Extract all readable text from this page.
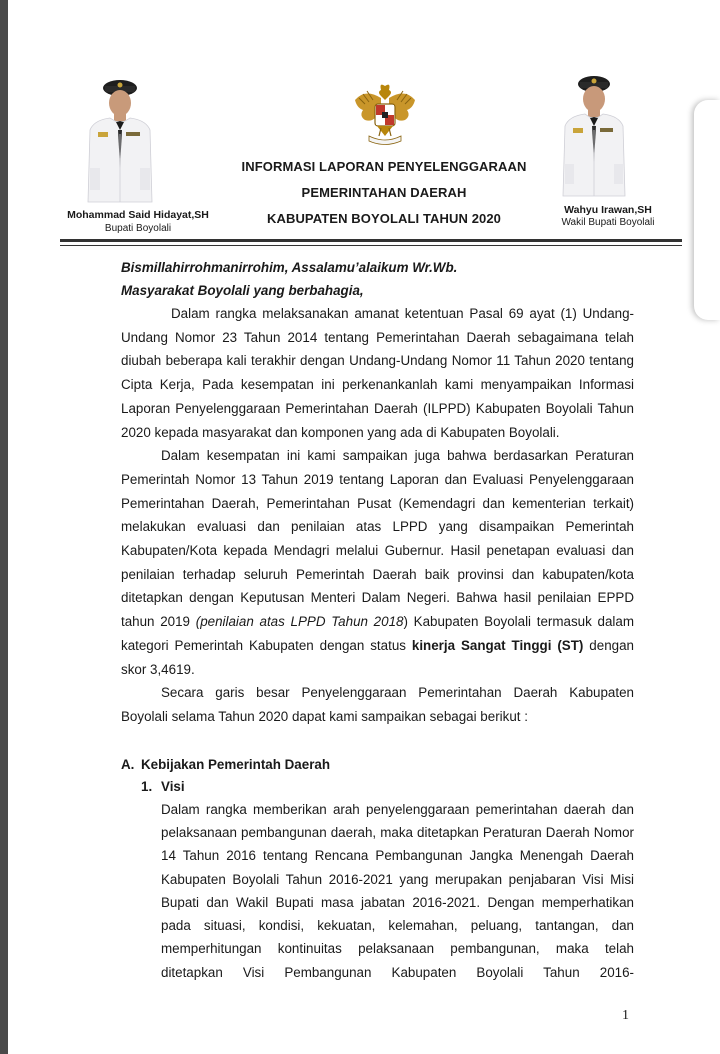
Mohammad Said Hidayat,SH
Bupati Boyolali
Wahyu Irawan,SH
Wakil Bupati Boyolali
INFORMASI LAPORAN PENYELENGGARAAN
PEMERINTAHAN DAERAH
KABUPATEN BOYOLALI TAHUN 2020

Bismillahirrohmanirrohim, Assalamu’alaikum Wr.Wb.

Masyarakat Boyolali yang berbahagia,

Dalam rangka melaksanakan amanat ketentuan Pasal 69 ayat (1) Undang-Undang Nomor 23 Tahun 2014 tentang Pemerintahan Daerah sebagaimana telah diubah beberapa kali terakhir dengan Undang-Undang Nomor 11 Tahun 2020 tentang Cipta Kerja, Pada kesempatan ini perkenankanlah kami menyampaikan Informasi Laporan Penyelenggaraan Pemerintahan Daerah (ILPPD) Kabupaten Boyolali Tahun 2020 kepada masyarakat dan komponen yang ada di Kabupaten Boyolali.

Dalam kesempatan ini kami sampaikan juga bahwa berdasarkan Peraturan Pemerintah Nomor 13 Tahun 2019 tentang Laporan dan Evaluasi Penyelenggaraan Pemerintahan Daerah, Pemerintahan Pusat (Kemendagri dan kementerian terkait) melakukan evaluasi dan penilaian atas LPPD yang disampaikan Pemerintah Kabupaten/Kota kepada Mendagri melalui Gubernur. Hasil penetapan evaluasi dan penilaian terhadap seluruh Pemerintah Daerah baik provinsi dan kabupaten/kota ditetapkan dengan Keputusan Menteri Dalam Negeri. Bahwa hasil penilaian EPPD tahun 2019 (penilaian atas LPPD Tahun 2018) Kabupaten Boyolali termasuk dalam kategori Pemerintah Kabupaten dengan status kinerja Sangat Tinggi (ST) dengan skor 3,4619.

Secara garis besar Penyelenggaraan Pemerintahan Daerah Kabupaten Boyolali selama Tahun 2020 dapat kami sampaikan sebagai berikut :

A. Kebijakan Pemerintah Daerah

1. Visi

Dalam rangka memberikan arah penyelenggaraan pemerintahan daerah dan pelaksanaan pembangunan daerah, maka ditetapkan Peraturan Daerah Nomor 14 Tahun 2016 tentang Rencana Pembangunan Jangka Menengah Daerah Kabupaten Boyolali Tahun 2016-2021 yang merupakan penjabaran Visi Misi Bupati dan Wakil Bupati masa jabatan 2016-2021. Dengan memperhatikan pada situasi, kondisi, kekuatan, kelemahan, peluang, tantangan, dan memperhitungan kontinuitas pelaksanaan pembangunan, maka telah ditetapkan Visi Pembangunan Kabupaten Boyolali Tahun 2016-

1
